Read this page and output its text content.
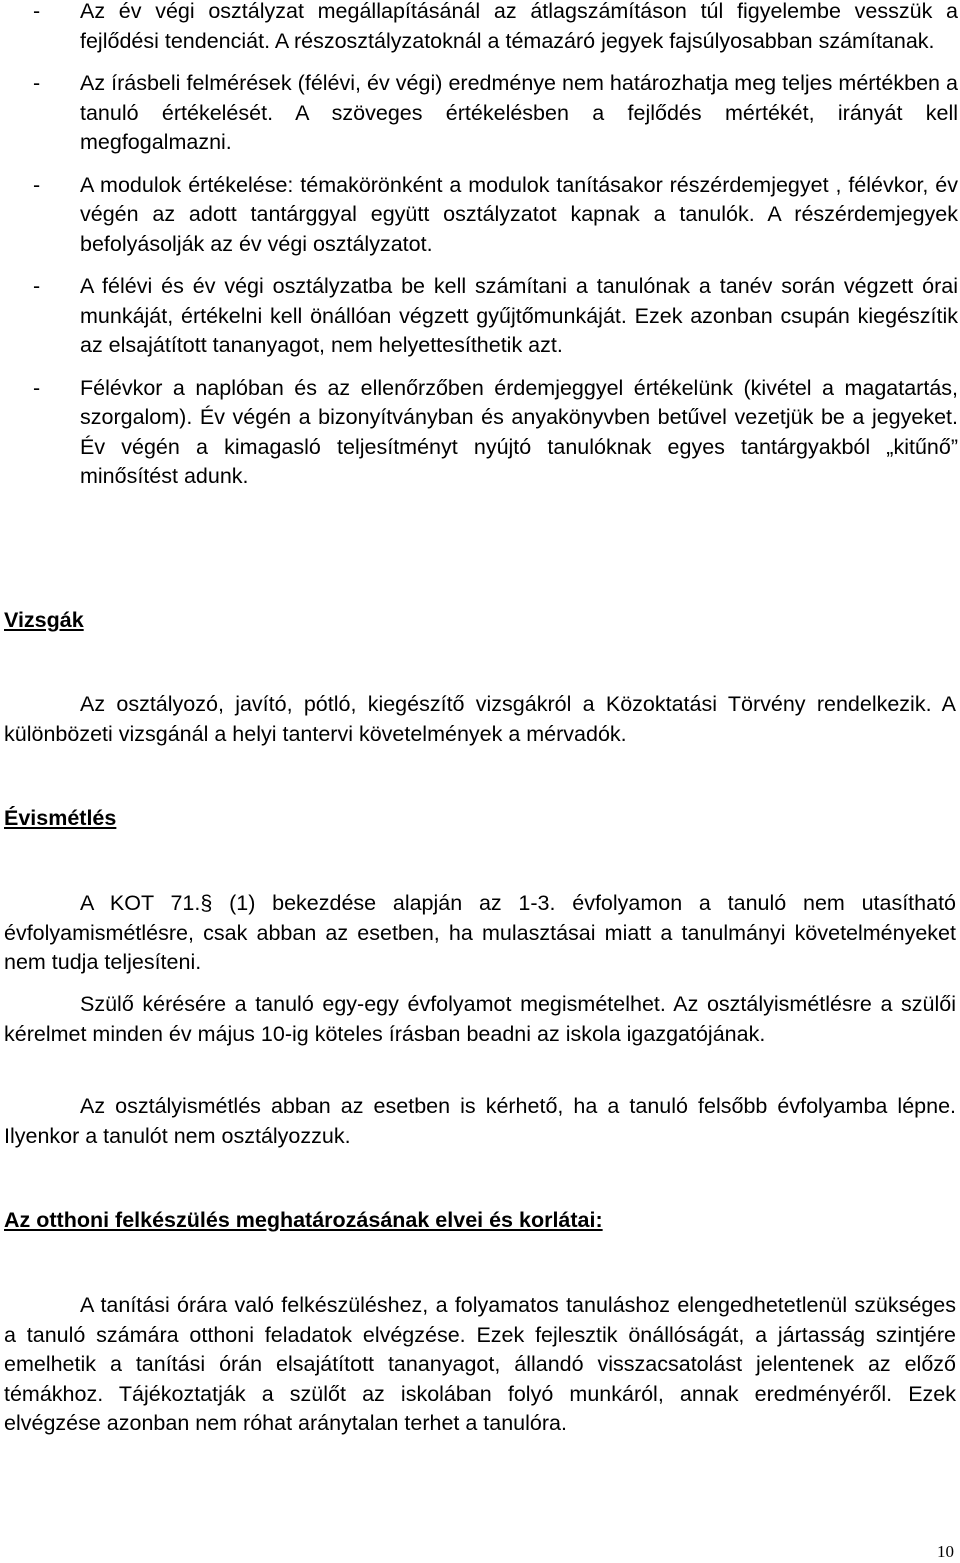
- Az év végi osztályzat megállapításánál az átlagszámításon túl figyelembe vesszük a fejlődési tendenciát. A részosztályzatoknál a témazáró jegyek fajsúlyosabban számítanak.
- Az írásbeli felmérések (félévi, év végi) eredménye nem határozhatja meg teljes mértékben a tanuló értékelését. A szöveges értékelésben a fejlődés mértékét, irányát kell megfogalmazni.
- A modulok értékelése: témakörönként a modulok tanításakor részérdemjegyet , félévkor, év végén az adott tantárggyal együtt osztályzatot kapnak a tanulók. A részérdemjegyek befolyásolják az év végi osztályzatot.
- A félévi és év végi osztályzatba be kell számítani a tanulónak a tanév során végzett órai munkáját, értékelni kell önállóan végzett gyűjtőmunkáját. Ezek azonban csupán kiegészítik az elsajátított tananyagot, nem helyettesíthetik azt.
- Félévkor a naplóban és az ellenőrzőben érdemjeggyel értékelünk (kivétel a magatartás, szorgalom). Év végén a bizonyítványban és anyakönyvben betűvel vezetjük be a jegyeket. Év végén a kimagasló teljesítményt nyújtó tanulóknak egyes tantárgyakból „kitűnő” minősítést adunk.
Vizsgák

Az osztályozó, javító, pótló, kiegészítő vizsgákról a Közoktatási Törvény rendelkezik. A különbözeti vizsgánál a helyi tantervi követelmények a mérvadók.

Évismétlés

A KOT 71.§ (1) bekezdése alapján az 1-3. évfolyamon a tanuló nem utasítható évfolyamismétlésre, csak abban az esetben, ha mulasztásai miatt a tanulmányi követelményeket nem tudja teljesíteni.

Szülő kérésére a tanuló egy-egy évfolyamot megismételhet. Az osztályismétlésre a szülői kérelmet minden év május 10-ig köteles írásban beadni az iskola igazgatójának.

Az osztályismétlés abban az esetben is kérhető, ha a tanuló felsőbb évfolyamba lépne. Ilyenkor a tanulót nem osztályozzuk.

Az otthoni felkészülés meghatározásának elvei és korlátai:

A tanítási órára való felkészüléshez, a folyamatos tanuláshoz elengedhetetlenül szükséges a tanuló számára otthoni feladatok elvégzése. Ezek fejlesztik önállóságát, a jártasság szintjére emelhetik a tanítási órán elsajátított tananyagot, állandó visszacsatolást jelentenek az előző témákhoz. Tájékoztatják a szülőt az iskolában folyó munkáról, annak eredményéről. Ezek elvégzése azonban nem róhat aránytalan terhet a tanulóra.

10
